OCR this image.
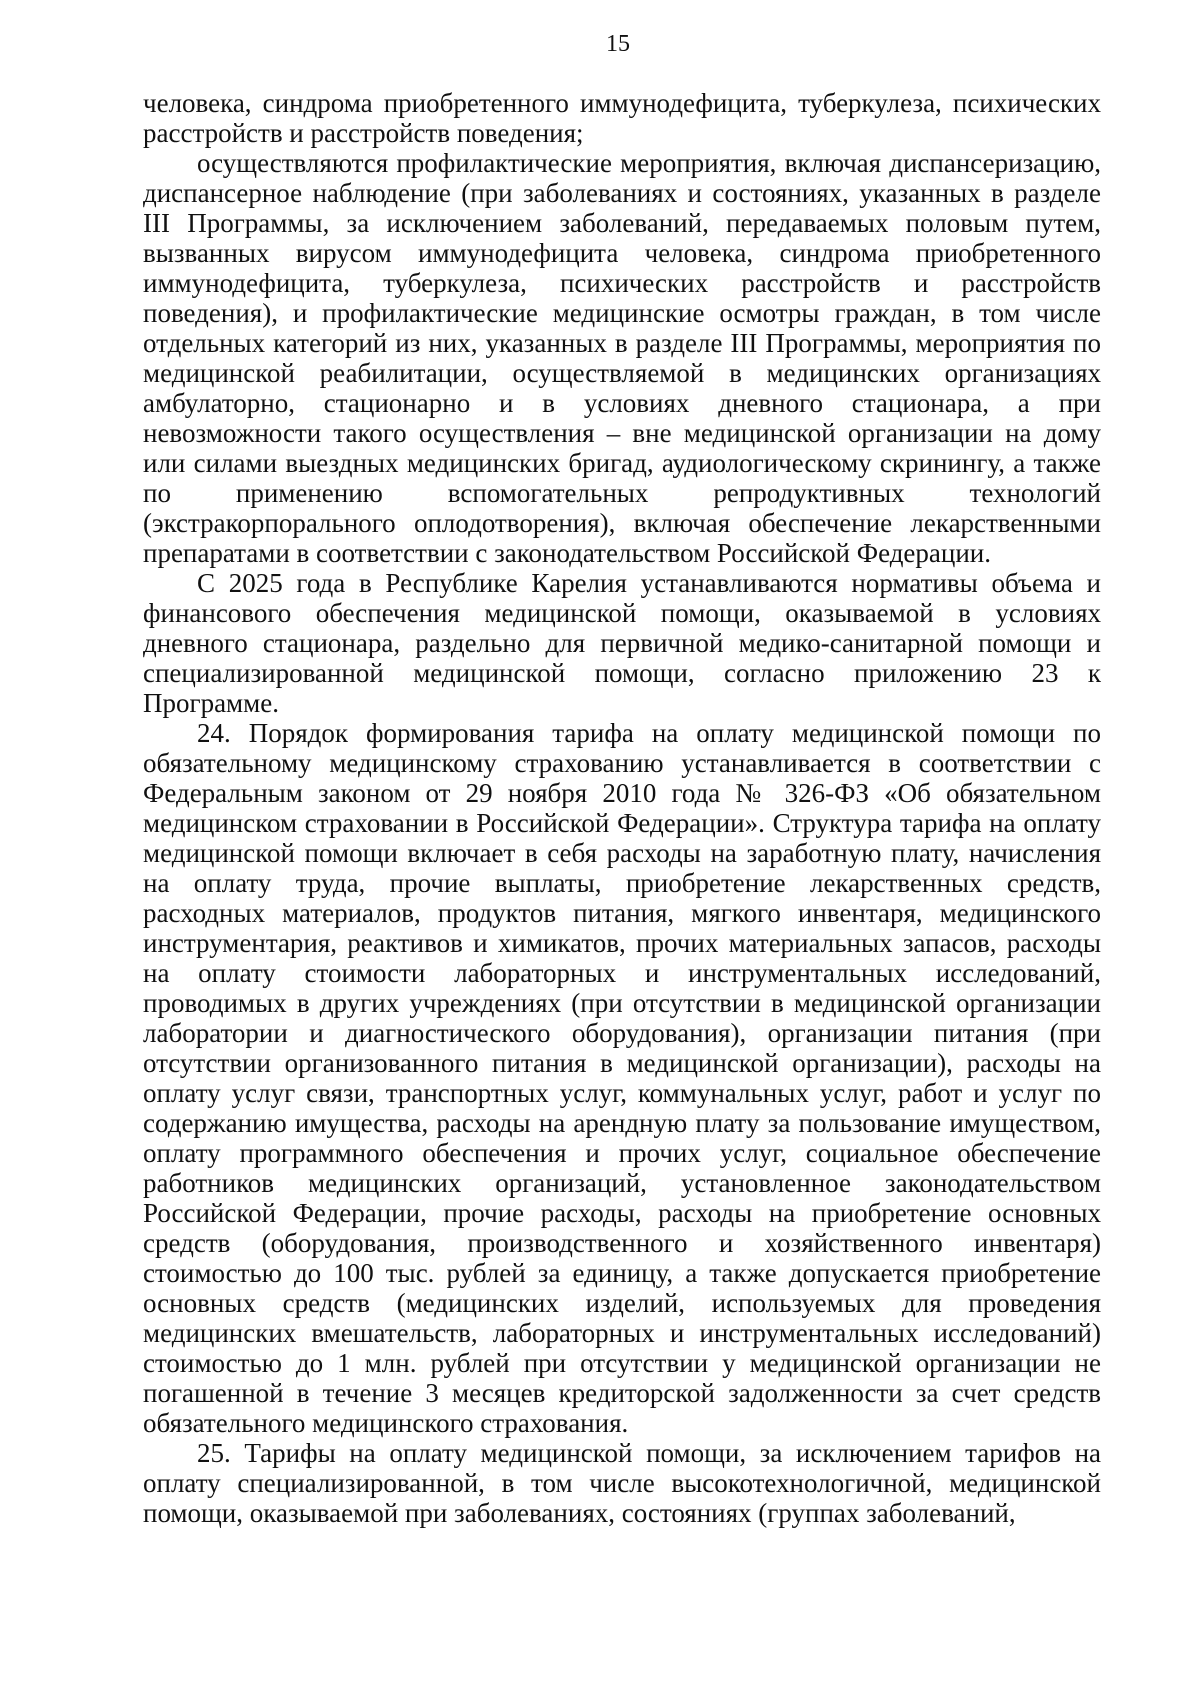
15

человека, синдрома приобретенного иммунодефицита, туберкулеза, психических расстройств и расстройств поведения;

осуществляются профилактические мероприятия, включая диспансеризацию, диспансерное наблюдение (при заболеваниях и состояниях, указанных в разделе III Программы, за исключением заболеваний, передаваемых половым путем, вызванных вирусом иммунодефицита человека, синдрома приобретенного иммунодефицита, туберкулеза, психических расстройств и расстройств поведения), и профилактические медицинские осмотры граждан, в том числе отдельных категорий из них, указанных в разделе III Программы, мероприятия по медицинской реабилитации, осуществляемой в медицинских организациях амбулаторно, стационарно и в условиях дневного стационара, а при невозможности такого осуществления – вне медицинской организации на дому или силами выездных медицинских бригад, аудиологическому скринингу, а также по применению вспомогательных репродуктивных технологий (экстракорпорального оплодотворения), включая обеспечение лекарственными препаратами в соответствии с законодательством Российской Федерации.

С 2025 года в Республике Карелия устанавливаются нормативы объема и финансового обеспечения медицинской помощи, оказываемой в условиях дневного стационара, раздельно для первичной медико-санитарной помощи и специализированной медицинской помощи, согласно приложению 23 к Программе.

24. Порядок формирования тарифа на оплату медицинской помощи по обязательному медицинскому страхованию устанавливается в соответствии с Федеральным законом от 29 ноября 2010 года № 326-ФЗ «Об обязательном медицинском страховании в Российской Федерации». Структура тарифа на оплату медицинской помощи включает в себя расходы на заработную плату, начисления на оплату труда, прочие выплаты, приобретение лекарственных средств, расходных материалов, продуктов питания, мягкого инвентаря, медицинского инструментария, реактивов и химикатов, прочих материальных запасов, расходы на оплату стоимости лабораторных и инструментальных исследований, проводимых в других учреждениях (при отсутствии в медицинской организации лаборатории и диагностического оборудования), организации питания (при отсутствии организованного питания в медицинской организации), расходы на оплату услуг связи, транспортных услуг, коммунальных услуг, работ и услуг по содержанию имущества, расходы на арендную плату за пользование имуществом, оплату программного обеспечения и прочих услуг, социальное обеспечение работников медицинских организаций, установленное законодательством Российской Федерации, прочие расходы, расходы на приобретение основных средств (оборудования, производственного и хозяйственного инвентаря) стоимостью до 100 тыс. рублей за единицу, а также допускается приобретение основных средств (медицинских изделий, используемых для проведения медицинских вмешательств, лабораторных и инструментальных исследований) стоимостью до 1 млн. рублей при отсутствии у медицинской организации не погашенной в течение 3 месяцев кредиторской задолженности за счет средств обязательного медицинского страхования.

25. Тарифы на оплату медицинской помощи, за исключением тарифов на оплату специализированной, в том числе высокотехнологичной, медицинской помощи, оказываемой при заболеваниях, состояниях (группах заболеваний,
